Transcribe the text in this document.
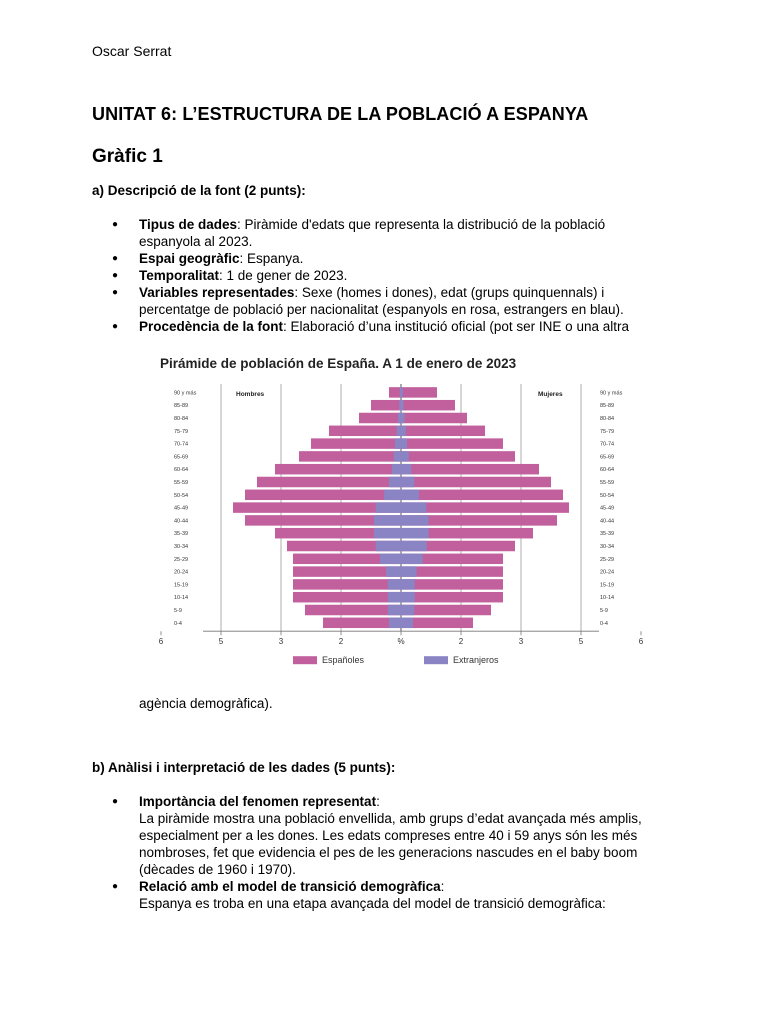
Oscar Serrat
UNITAT 6: L’ESTRUCTURA DE LA POBLACIÓ A ESPANYA
Gràfic 1
a) Descripció de la font (2 punts):
● Tipus de dades: Piràmide d'edats que representa la distribució de la població espanyola al 2023.
● Espai geogràfic: Espanya.
● Temporalitat: 1 de gener de 2023.
● Variables representades: Sexe (homes i dones), edat (grups quinquennals) i percentatge de població per nacionalitat (espanyols en rosa, estrangers en blau).
● Procedència de la font: Elaboració d’una institució oficial (pot ser INE o una altra
Pirámide de población de España. A 1 de enero de 2023
90 y más	90 y más
85-89	85-89
80-84	80-84
75-79	75-79
70-74	70-74
65-69	65-69
60-64	60-64
55-59	55-59
50-54	50-54
45-49	45-49
40-44	40-44
35-39	35-39
30-34	30-34
25-29	25-29
20-24	20-24
15-19	15-19
10-14	10-14
5-9	5-9
0-4	0-4
Hombres	Mujeres
6	5	3	2	%	2	3	5	6
Españoles	Extranjeros
agència demogràfica).
b) Anàlisi i interpretació de les dades (5 punts):
● Importància del fenomen representat:
La piràmide mostra una població envellida, amb grups d’edat avançada més amplis, especialment per a les dones. Les edats compreses entre 40 i 59 anys són les més nombroses, fet que evidencia el pes de les generacions nascudes en el baby boom (dècades de 1960 i 1970).
● Relació amb el model de transició demogràfica:
Espanya es troba en una etapa avançada del model de transició demogràfica:
